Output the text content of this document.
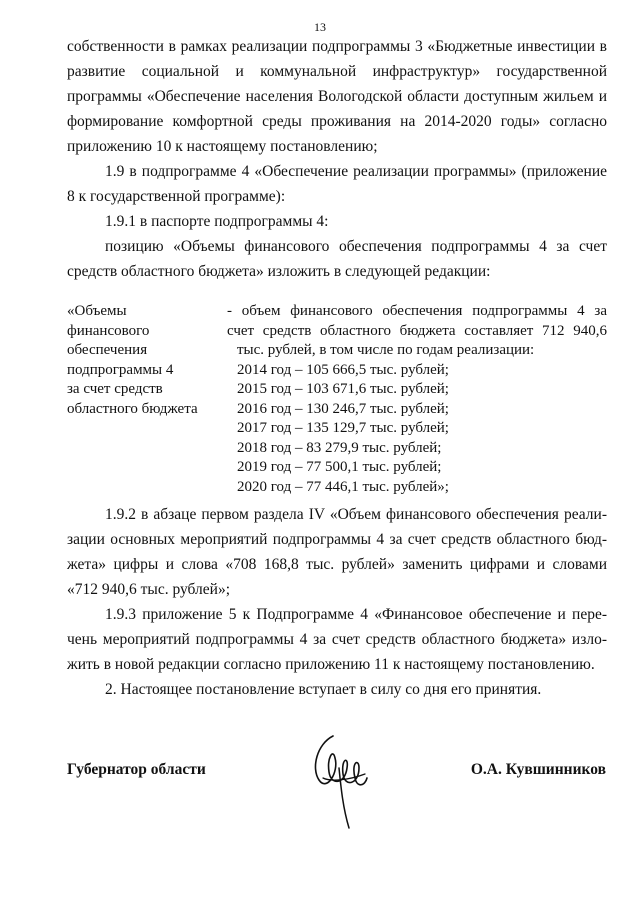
13
собственности в рамках реализации подпрограммы 3 «Бюджетные инвестиции в
развитие социальной и коммунальной инфраструктур» государственной
программы «Обеспечение населения Вологодской области доступным жильем и
формирование комфортной среды проживания на 2014-2020 годы» согласно
приложению 10 к настоящему постановлению;
1.9 в подпрограмме 4 «Обеспечение реализации программы» (приложение
8 к государственной программе):
1.9.1 в паспорте подпрограммы 4:
позицию «Объемы финансового обеспечения подпрограммы 4 за счет
средств областного бюджета» изложить в следующей редакции:
«Объемы
финансового
обеспечения
подпрограммы 4
за счет средств
областного бюджета
- объем финансового обеспечения подпрограммы 4 за
счет средств областного бюджета составляет 712 940,6
тыс. рублей, в том числе по годам реализации:
2014 год – 105 666,5 тыс. рублей;
2015 год – 103 671,6 тыс. рублей;
2016 год – 130 246,7 тыс. рублей;
2017 год – 135 129,7 тыс. рублей;
2018 год – 83 279,9 тыс. рублей;
2019 год – 77 500,1 тыс. рублей;
2020 год – 77 446,1 тыс. рублей»;
1.9.2 в абзаце первом раздела IV «Объем финансового обеспечения реали-
зации основных мероприятий подпрограммы 4 за счет средств областного бюд-
жета» цифры и слова «708 168,8 тыс. рублей» заменить цифрами и словами
«712 940,6 тыс. рублей»;
1.9.3 приложение 5 к Подпрограмме 4 «Финансовое обеспечение и пере-
чень мероприятий подпрограммы 4 за счет средств областного бюджета» изло-
жить в новой редакции согласно приложению 11 к настоящему постановлению.
2. Настоящее постановление вступает в силу со дня его принятия.
Губернатор области	О.А. Кувшинников
